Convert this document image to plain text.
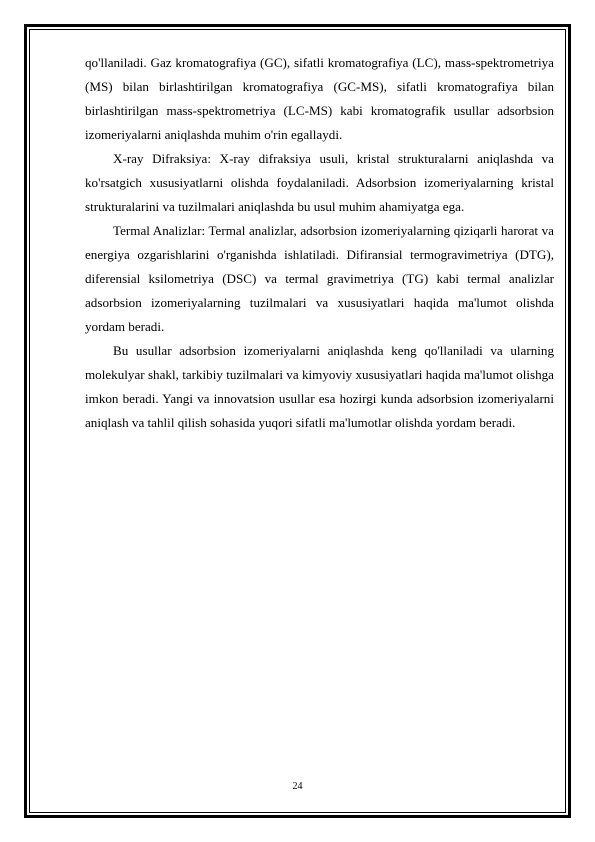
qo'llaniladi. Gaz kromatografiya (GC), sifatli kromatografiya (LC), mass-spektrometriya (MS) bilan birlashtirilgan kromatografiya (GC-MS), sifatli kromatografiya bilan birlashtirilgan mass-spektrometriya (LC-MS) kabi kromatografik usullar adsorbsion izomeriyalarni aniqlashda muhim o'rin egallaydi.

X-ray Difraksiya: X-ray difraksiya usuli, kristal strukturalarni aniqlashda va ko'rsatgich xususiyatlarni olishda foydalaniladi. Adsorbsion izomeriyalarning kristal strukturalarini va tuzilmalari aniqlashda bu usul muhim ahamiyatga ega.

Termal Analizlar: Termal analizlar, adsorbsion izomeriyalarning qiziqarli harorat va energiya ozgarishlarini o'rganishda ishlatiladi. Difiransial termogravimetriya (DTG), diferensial ksilometriya (DSC) va termal gravimetriya (TG) kabi termal analizlar adsorbsion izomeriyalarning tuzilmalari va xususiyatlari haqida ma'lumot olishda yordam beradi.

Bu usullar adsorbsion izomeriyalarni aniqlashda keng qo'llaniladi va ularning molekulyar shakl, tarkibiy tuzilmalari va kimyoviy xususiyatlari haqida ma'lumot olishga imkon beradi. Yangi va innovatsion usullar esa hozirgi kunda adsorbsion izomeriyalarni aniqlash va tahlil qilish sohasida yuqori sifatli ma'lumotlar olishda yordam beradi.

24
